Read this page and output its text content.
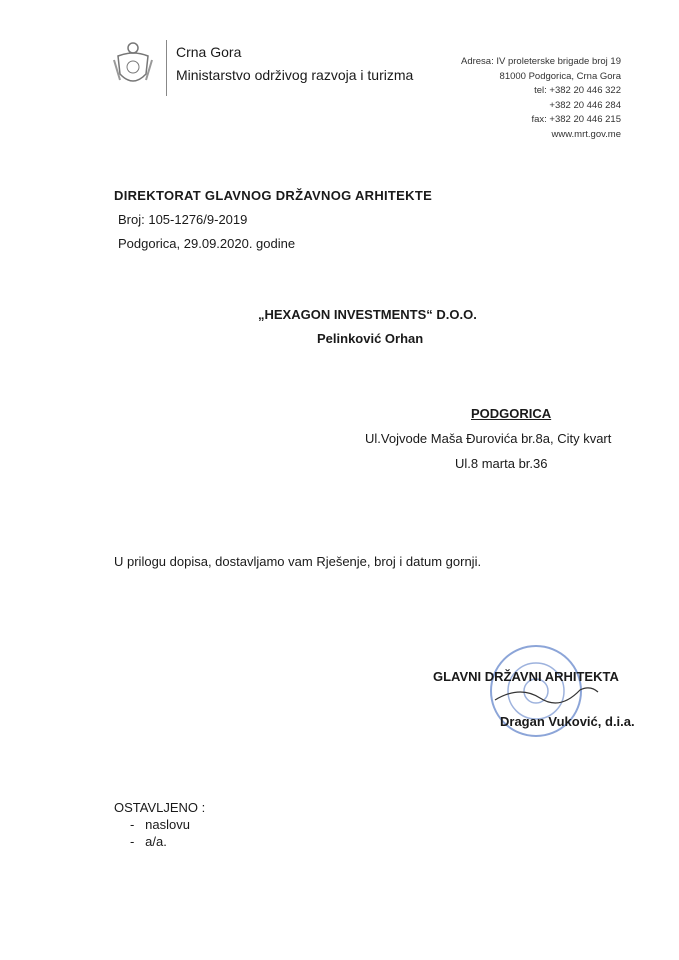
Crna Gora
Ministarstvo održivog razvoja i turizma
Adresa: IV proleterske brigade broj 19
81000 Podgorica, Crna Gora
tel: +382 20 446 322
+382 20 446 284
fax: +382 20 446 215
www.mrt.gov.me
DIREKTORAT GLAVNOG DRŽAVNOG ARHITEKTE
Broj: 105-1276/9-2019
Podgorica, 29.09.2020. godine
„HEXAGON INVESTMENTS“ D.O.O.
Pelinković Orhan
PODGORICA
Ul.Vojvode Maša Đurovića br.8a, City kvart
Ul.8 marta br.36
U prilogu dopisa, dostavljamo vam Rješenje, broj i datum gornji.
GLAVNI DRŽAVNI ARHITEKTA
Dragan Vuković, d.i.a.
OSTAVLJENO :
-   naslovu
-   a/a.
